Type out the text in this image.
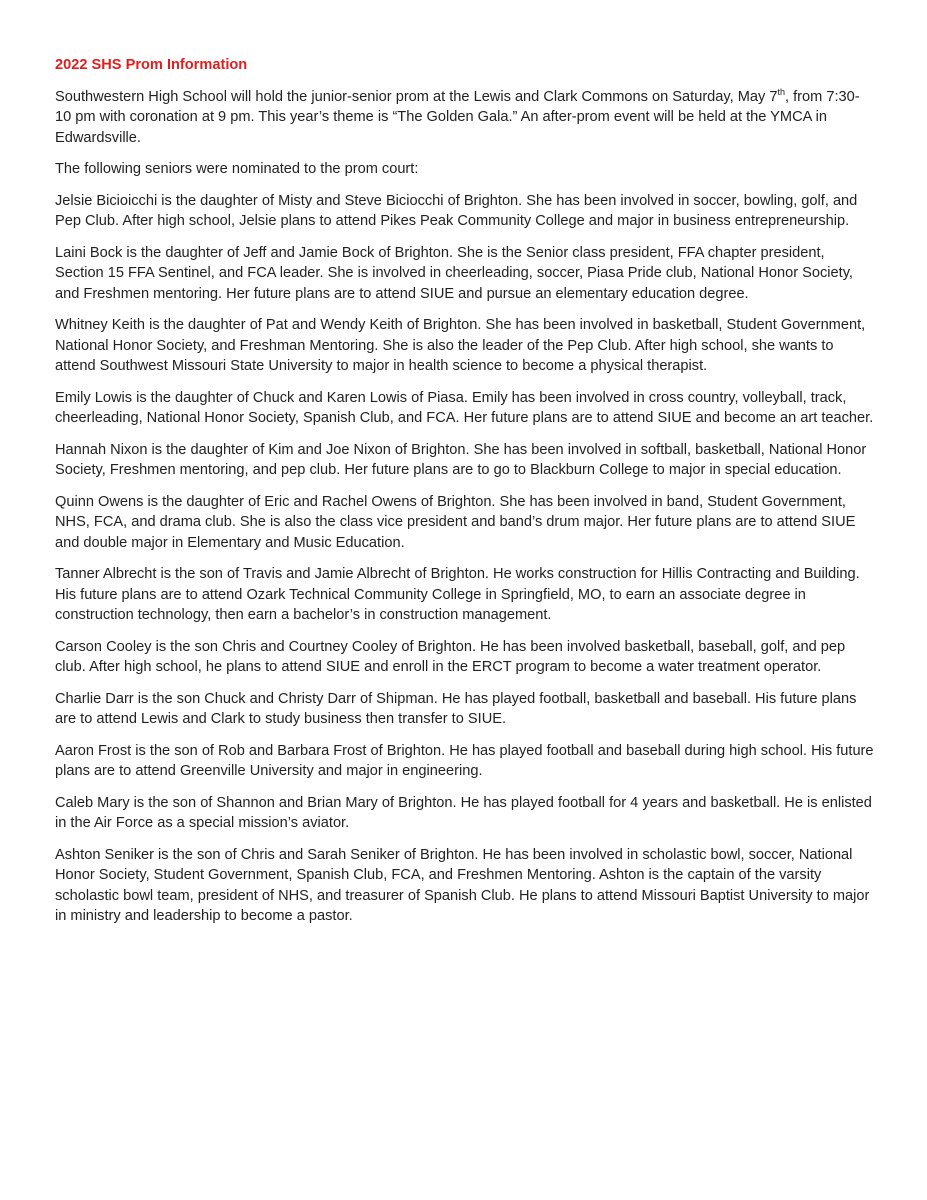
2022 SHS Prom Information

Southwestern High School will hold the junior-senior prom at the Lewis and Clark Commons on Saturday, May 7th, from 7:30-10 pm with coronation at 9 pm. This year’s theme is “The Golden Gala.” An after-prom event will be held at the YMCA in Edwardsville.

The following seniors were nominated to the prom court:

Jelsie Bicioicchi is the daughter of Misty and Steve Biciocchi of Brighton. She has been involved in soccer, bowling, golf, and Pep Club. After high school, Jelsie plans to attend Pikes Peak Community College and major in business entrepreneurship.

Laini Bock is the daughter of Jeff and Jamie Bock of Brighton. She is the Senior class president, FFA chapter president, Section 15 FFA Sentinel, and FCA leader. She is involved in cheerleading, soccer, Piasa Pride club, National Honor Society, and Freshmen mentoring. Her future plans are to attend SIUE and pursue an elementary education degree.

Whitney Keith is the daughter of Pat and Wendy Keith of Brighton. She has been involved in basketball, Student Government, National Honor Society, and Freshman Mentoring. She is also the leader of the Pep Club. After high school, she wants to attend Southwest Missouri State University to major in health science to become a physical therapist.

Emily Lowis is the daughter of Chuck and Karen Lowis of Piasa. Emily has been involved in cross country, volleyball, track, cheerleading, National Honor Society, Spanish Club, and FCA. Her future plans are to attend SIUE and become an art teacher.

Hannah Nixon is the daughter of Kim and Joe Nixon of Brighton. She has been involved in softball, basketball, National Honor Society, Freshmen mentoring, and pep club. Her future plans are to go to Blackburn College to major in special education.

Quinn Owens is the daughter of Eric and Rachel Owens of Brighton. She has been involved in band, Student Government, NHS, FCA, and drama club. She is also the class vice president and band’s drum major. Her future plans are to attend SIUE and double major in Elementary and Music Education.

Tanner Albrecht is the son of Travis and Jamie Albrecht of Brighton. He works construction for Hillis Contracting and Building. His future plans are to attend Ozark Technical Community College in Springfield, MO, to earn an associate degree in construction technology, then earn a bachelor’s in construction management.

Carson Cooley is the son Chris and Courtney Cooley of Brighton. He has been involved basketball, baseball, golf, and pep club. After high school, he plans to attend SIUE and enroll in the ERCT program to become a water treatment operator.

Charlie Darr is the son Chuck and Christy Darr of Shipman. He has played football, basketball and baseball. His future plans are to attend Lewis and Clark to study business then transfer to SIUE.

Aaron Frost is the son of Rob and Barbara Frost of Brighton. He has played football and baseball during high school. His future plans are to attend Greenville University and major in engineering.

Caleb Mary is the son of Shannon and Brian Mary of Brighton. He has played football for 4 years and basketball. He is enlisted in the Air Force as a special mission’s aviator.

Ashton Seniker is the son of Chris and Sarah Seniker of Brighton. He has been involved in scholastic bowl, soccer, National Honor Society, Student Government, Spanish Club, FCA, and Freshmen Mentoring. Ashton is the captain of the varsity scholastic bowl team, president of NHS, and treasurer of Spanish Club. He plans to attend Missouri Baptist University to major in ministry and leadership to become a pastor.
